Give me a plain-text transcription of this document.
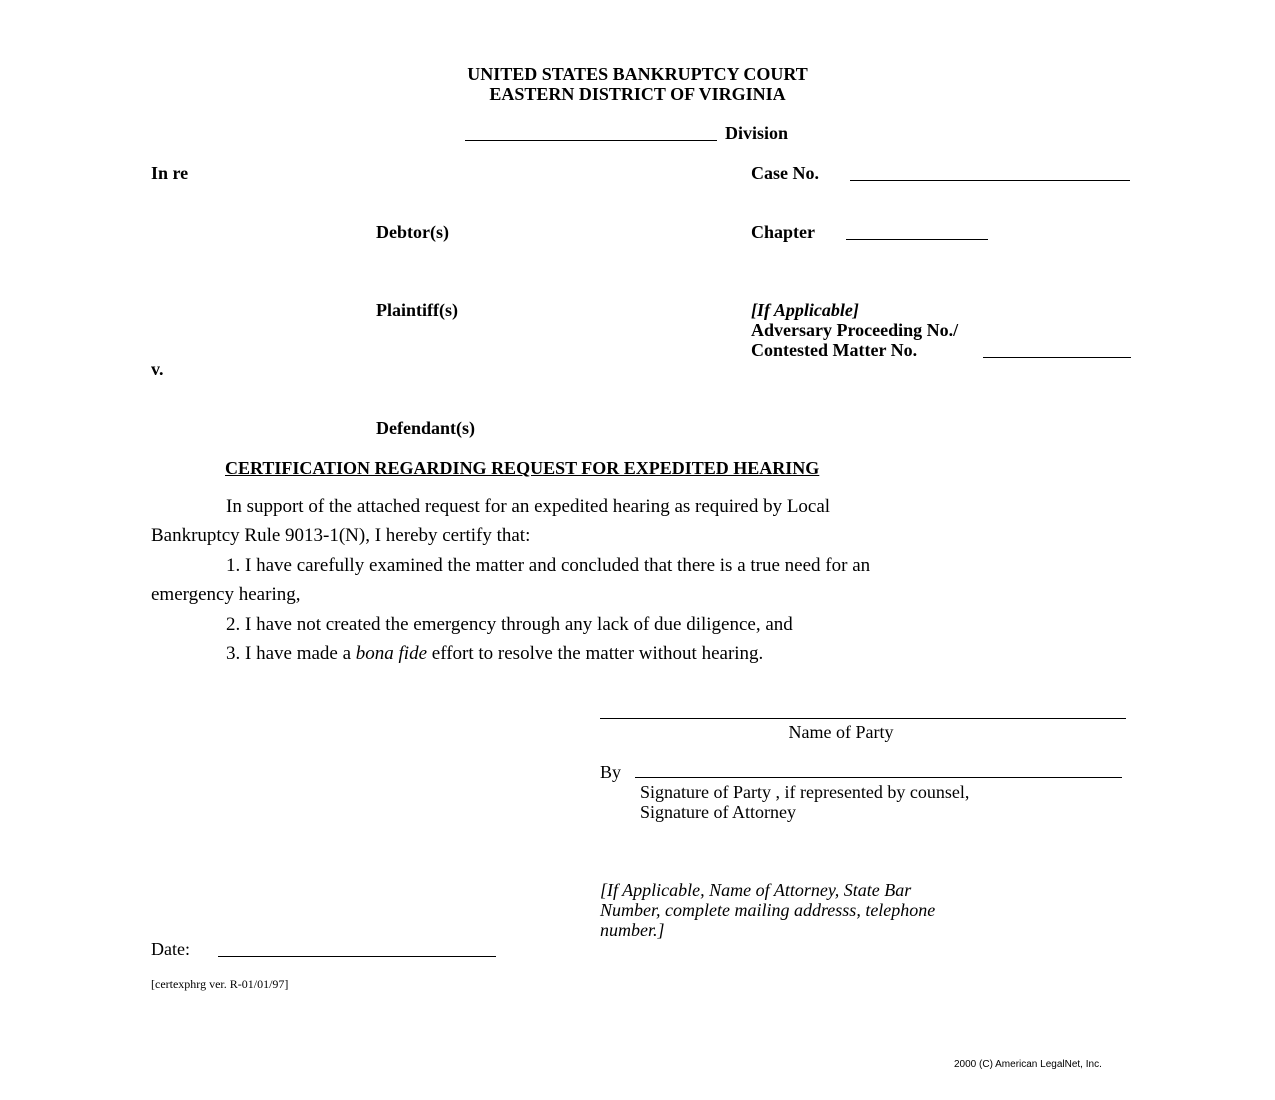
UNITED STATES BANKRUPTCY COURT
EASTERN DISTRICT OF VIRGINIA
Division
In re	Case No.
Debtor(s)	Chapter
Plaintiff(s)	[If Applicable]
Adversary Proceeding No./
Contested Matter No.
v.
Defendant(s)
CERTIFICATION REGARDING REQUEST FOR EXPEDITED HEARING
In support of the attached request for an expedited hearing as required by Local
Bankruptcy Rule 9013-1(N), I hereby certify that:
1. I have carefully examined the matter and concluded that there is a true need for an
emergency hearing,
2. I have not created the emergency through any lack of due diligence, and
3. I have made a bona fide effort to resolve the matter without hearing.
Name of Party
By
Signature of Party , if represented by counsel,
Signature of Attorney
[If Applicable, Name of Attorney, State Bar
Number, complete mailing addresss, telephone
number.]
Date:
[certexphrg ver. R-01/01/97]
2000 (C) American LegalNet, Inc.
